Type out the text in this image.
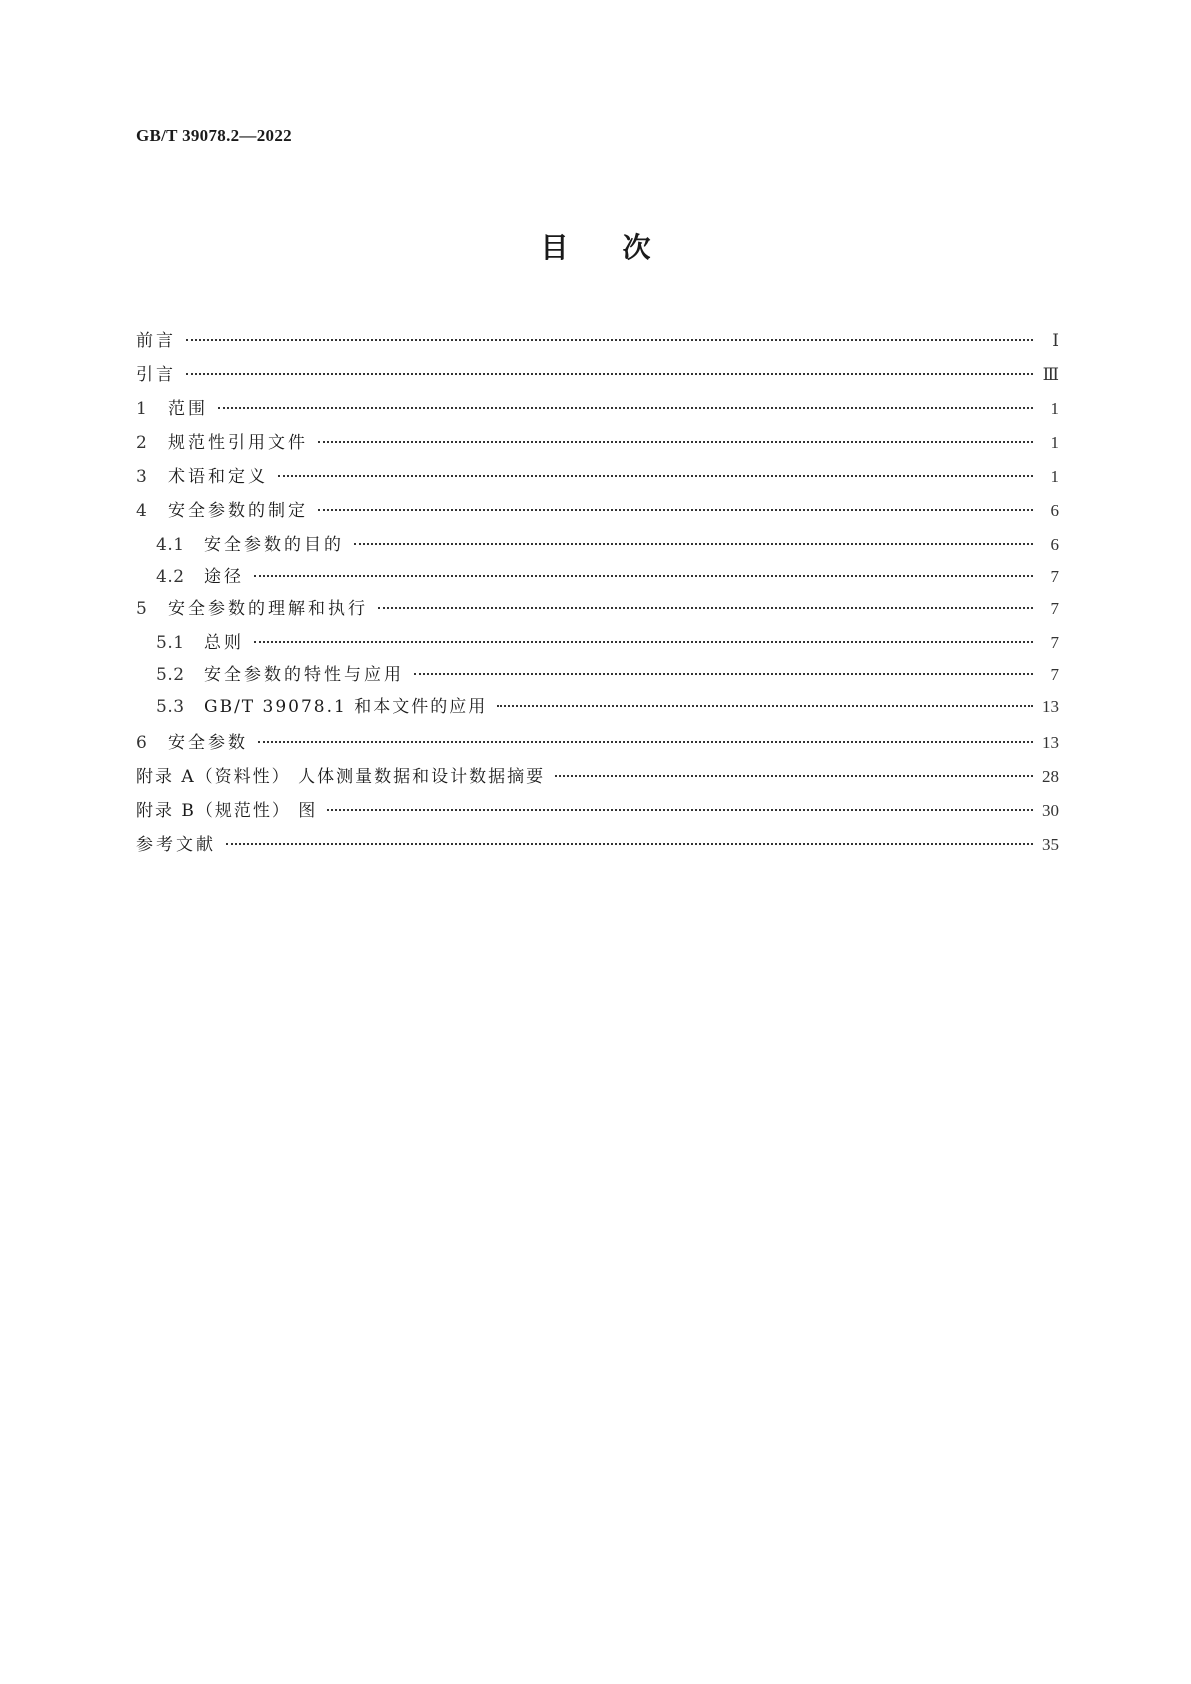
GB/T 39078.2—2022
目次
前言	Ⅰ
引言	Ⅲ
1	范围	1
2	规范性引用文件	1
3	术语和定义	1
4	安全参数的制定	6
4.1	安全参数的目的	6
4.2	途径	7
5	安全参数的理解和执行	7
5.1	总则	7
5.2	安全参数的特性与应用	7
5.3	GB/T 39078.1 和本文件的应用	13
6	安全参数	13
附录 A（资料性） 人体测量数据和设计数据摘要	28
附录 B（规范性） 图	30
参考文献	35
